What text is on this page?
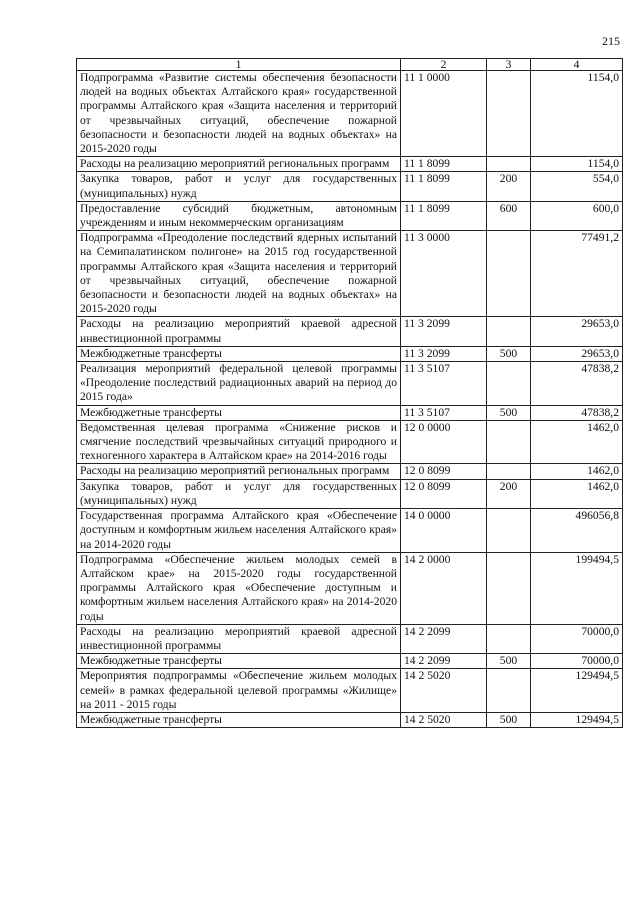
215
1	2	3	4
Подпрограмма «Развитие системы обеспечения безопасности людей на водных объектах Алтайского края» государственной программы Алтайского края «Защита населения и территорий от чрезвычайных ситуаций, обеспечение пожарной безопасности и безопасности людей на водных объектах» на 2015-2020 годы	11 1 0000		1154,0
Расходы на реализацию мероприятий региональных программ	11 1 8099		1154,0
Закупка товаров, работ и услуг для государственных (муниципальных) нужд	11 1 8099	200	554,0
Предоставление субсидий бюджетным, автономным учреждениям и иным некоммерческим организациям	11 1 8099	600	600,0
Подпрограмма «Преодоление последствий ядерных испытаний на Семипалатинском полигоне» на 2015 год государственной программы Алтайского края «Защита населения и территорий от чрезвычайных ситуаций, обеспечение пожарной безопасности и безопасности людей на водных объектах» на 2015-2020 годы	11 3 0000		77491,2
Расходы на реализацию мероприятий краевой адресной инвестиционной программы	11 3 2099		29653,0
Межбюджетные трансферты	11 3 2099	500	29653,0
Реализация мероприятий федеральной целевой программы «Преодоление последствий радиационных аварий на период до 2015 года»	11 3 5107		47838,2
Межбюджетные трансферты	11 3 5107	500	47838,2
Ведомственная целевая программа «Снижение рисков и смягчение последствий чрезвычайных ситуаций природного и техногенного характера в Алтайском крае» на 2014-2016 годы	12 0 0000		1462,0
Расходы на реализацию мероприятий региональных программ	12 0 8099		1462,0
Закупка товаров, работ и услуг для государственных (муниципальных) нужд	12 0 8099	200	1462,0
Государственная программа Алтайского края «Обеспечение доступным и комфортным жильем населения Алтайского края» на 2014-2020 годы	14 0 0000		496056,8
Подпрограмма «Обеспечение жильем молодых семей в Алтайском крае» на 2015-2020 годы государственной программы Алтайского края «Обеспечение доступным и комфортным жильем населения Алтайского края» на 2014-2020 годы	14 2 0000		199494,5
Расходы на реализацию мероприятий краевой адресной инвестиционной программы	14 2 2099		70000,0
Межбюджетные трансферты	14 2 2099	500	70000,0
Мероприятия подпрограммы «Обеспечение жильем молодых семей» в рамках федеральной целевой программы «Жилище» на 2011 - 2015 годы	14 2 5020		129494,5
Межбюджетные трансферты	14 2 5020	500	129494,5
